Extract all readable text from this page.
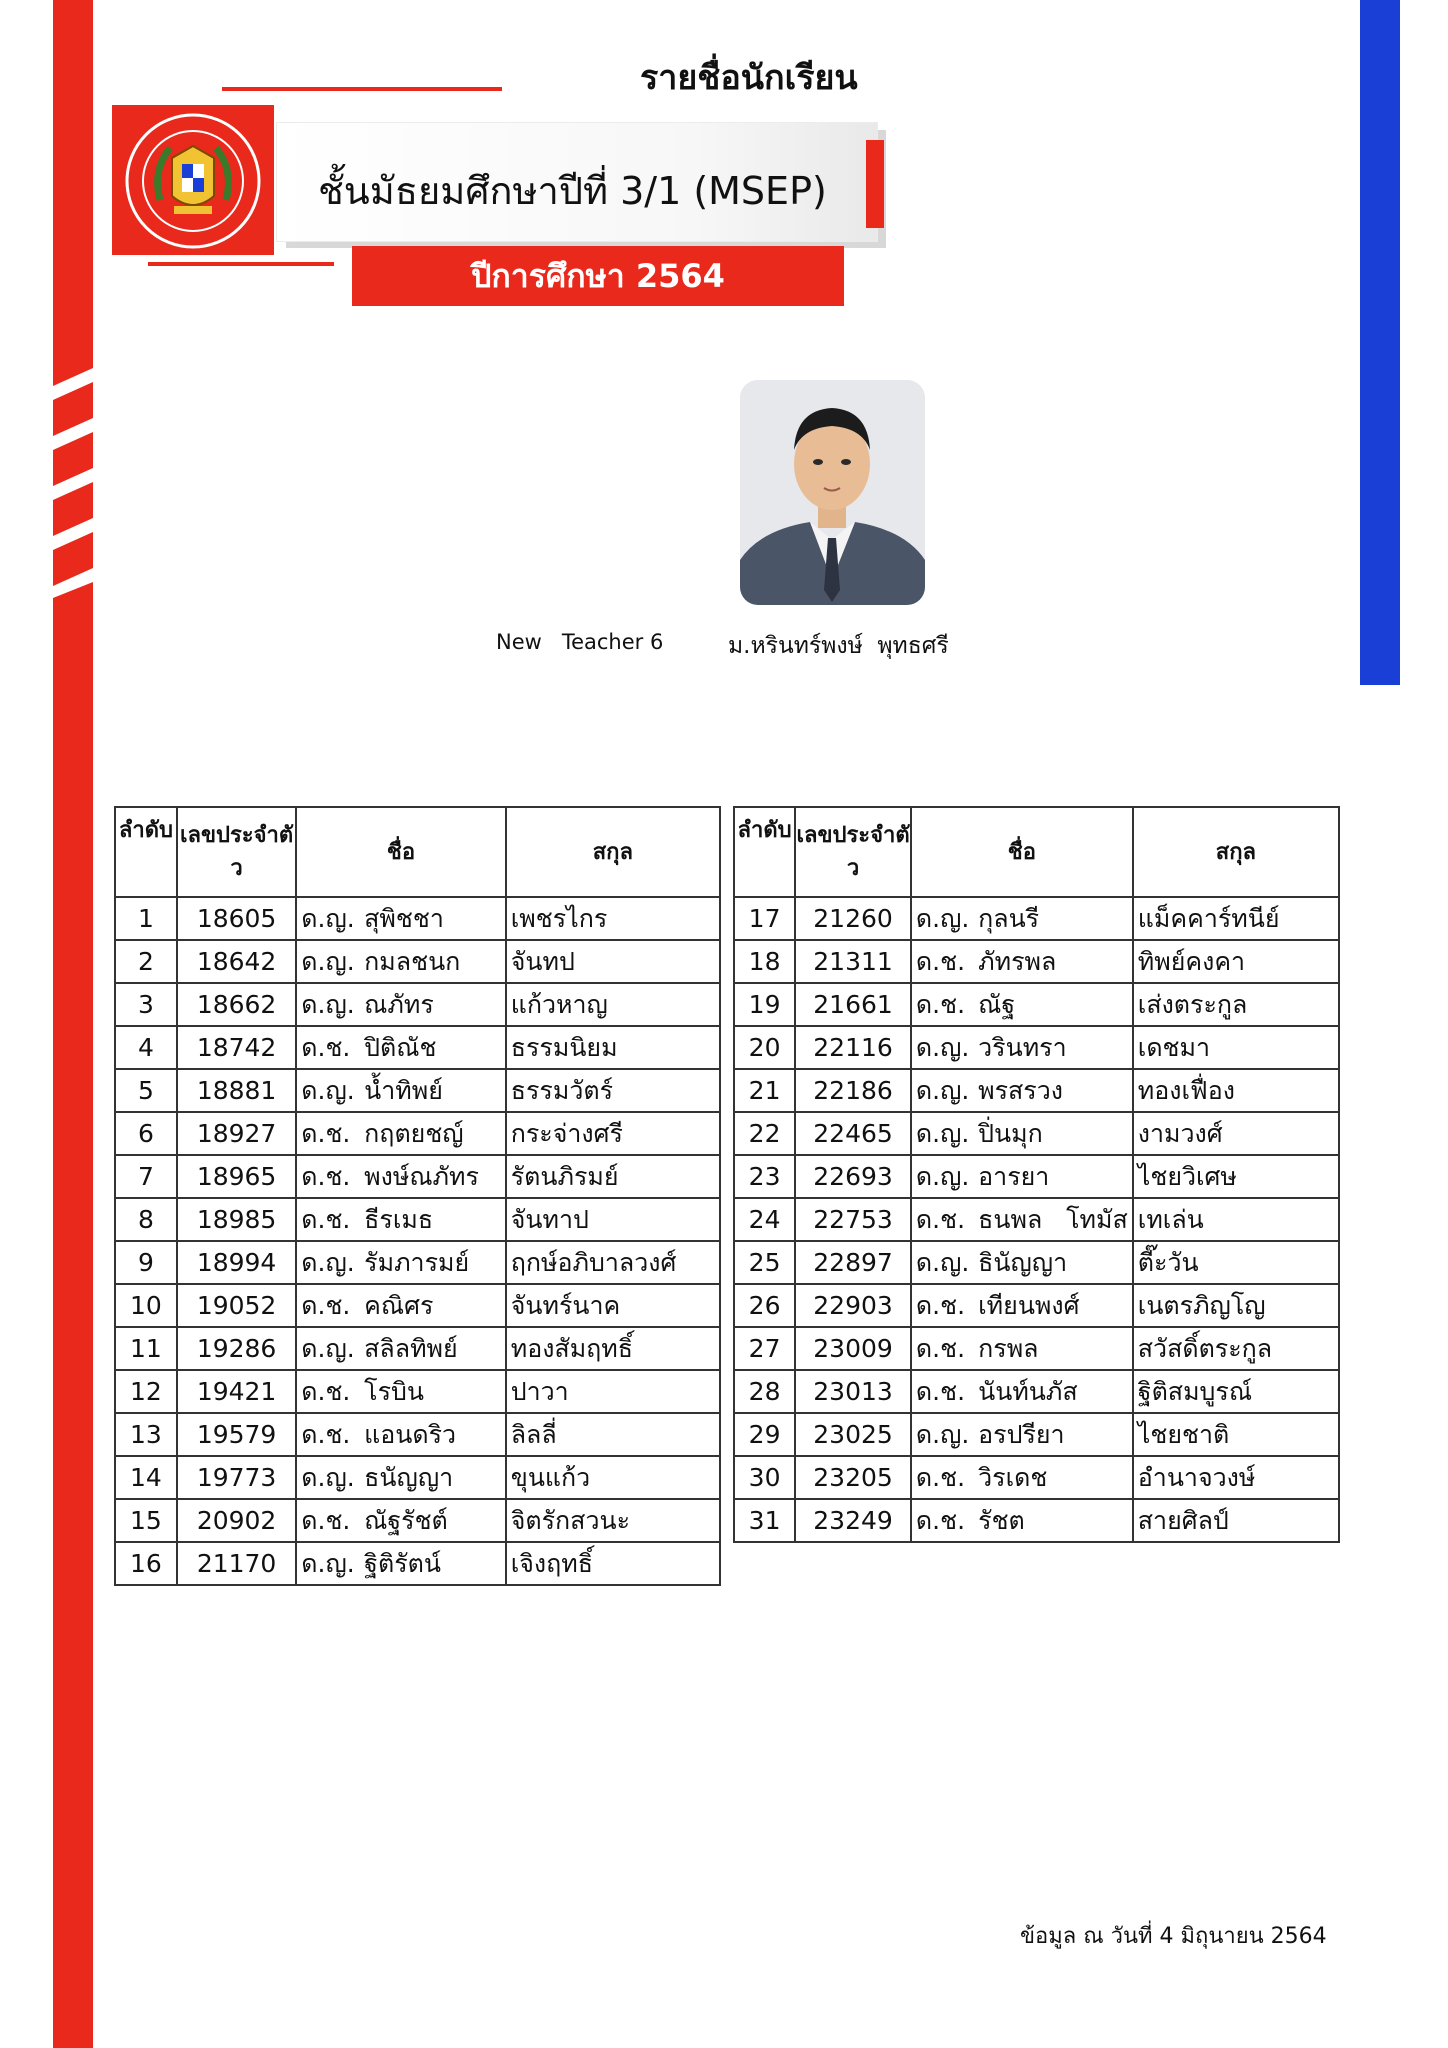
รายชื่อนักเรียน
ชั้นมัธยมศึกษาปีที่ 3/1 (MSEP)
ปีการศึกษา 2564
New   Teacher 6	ม.หรินทร์พงษ์  พุทธศรี
ลำดับ	เลขประจำตัว	ชื่อ		สกุล
1	18605	ด.ญ.	สุพิชชา	เพชรไกร
2	18642	ด.ญ.	กมลชนก	จันทป
3	18662	ด.ญ.	ณภัทร	แก้วหาญ
4	18742	ด.ช.	ปิติณัช	ธรรมนิยม
5	18881	ด.ญ.	น้ำทิพย์	ธรรมวัตร์
6	18927	ด.ช.	กฤตยชญ์	กระจ่างศรี
7	18965	ด.ช.	พงษ์ณภัทร	รัตนภิรมย์
8	18985	ด.ช.	ธีรเมธ	จันทาป
9	18994	ด.ญ.	รัมภารมย์	ฤกษ์อภิบาลวงศ์
10	19052	ด.ช.	คณิศร	จันทร์นาค
11	19286	ด.ญ.	สลิลทิพย์	ทองสัมฤทธิ์
12	19421	ด.ช.	โรบิน	ปาวา
13	19579	ด.ช.	แอนดริว	ลิลลี่
14	19773	ด.ญ.	ธนัญญา	ขุนแก้ว
15	20902	ด.ช.	ณัฐรัชต์	จิตรักสวนะ
16	21170	ด.ญ.	ฐิติรัตน์	เจิงฤทธิ์
ลำดับ	เลขประจำตัว	ชื่อ		สกุล
17	21260	ด.ญ.	กุลนรี	แม็คคาร์ทนีย์
18	21311	ด.ช.	ภัทรพล	ทิพย์คงคา
19	21661	ด.ช.	ณัฐ	เส่งตระกูล
20	22116	ด.ญ.	วรินทรา	เดชมา
21	22186	ด.ญ.	พรสรวง	ทองเฟื่อง
22	22465	ด.ญ.	ปิ่นมุก	งามวงศ์
23	22693	ด.ญ.	อารยา	ไชยวิเศษ
24	22753	ด.ช.	ธนพล   โทมัส	เทเล่น
25	22897	ด.ญ.	ธินัญญา	ตี๊ะวัน
26	22903	ด.ช.	เทียนพงศ์	เนตรภิญโญ
27	23009	ด.ช.	กรพล	สวัสดิ์ตระกูล
28	23013	ด.ช.	นันท์นภัส	ฐิติสมบูรณ์
29	23025	ด.ญ.	อรปรียา	ไชยชาติ
30	23205	ด.ช.	วิรเดช	อำนาจวงษ์
31	23249	ด.ช.	รัชต	สายศิลป์
ข้อมูล ณ วันที่ 4 มิถุนายน 2564
